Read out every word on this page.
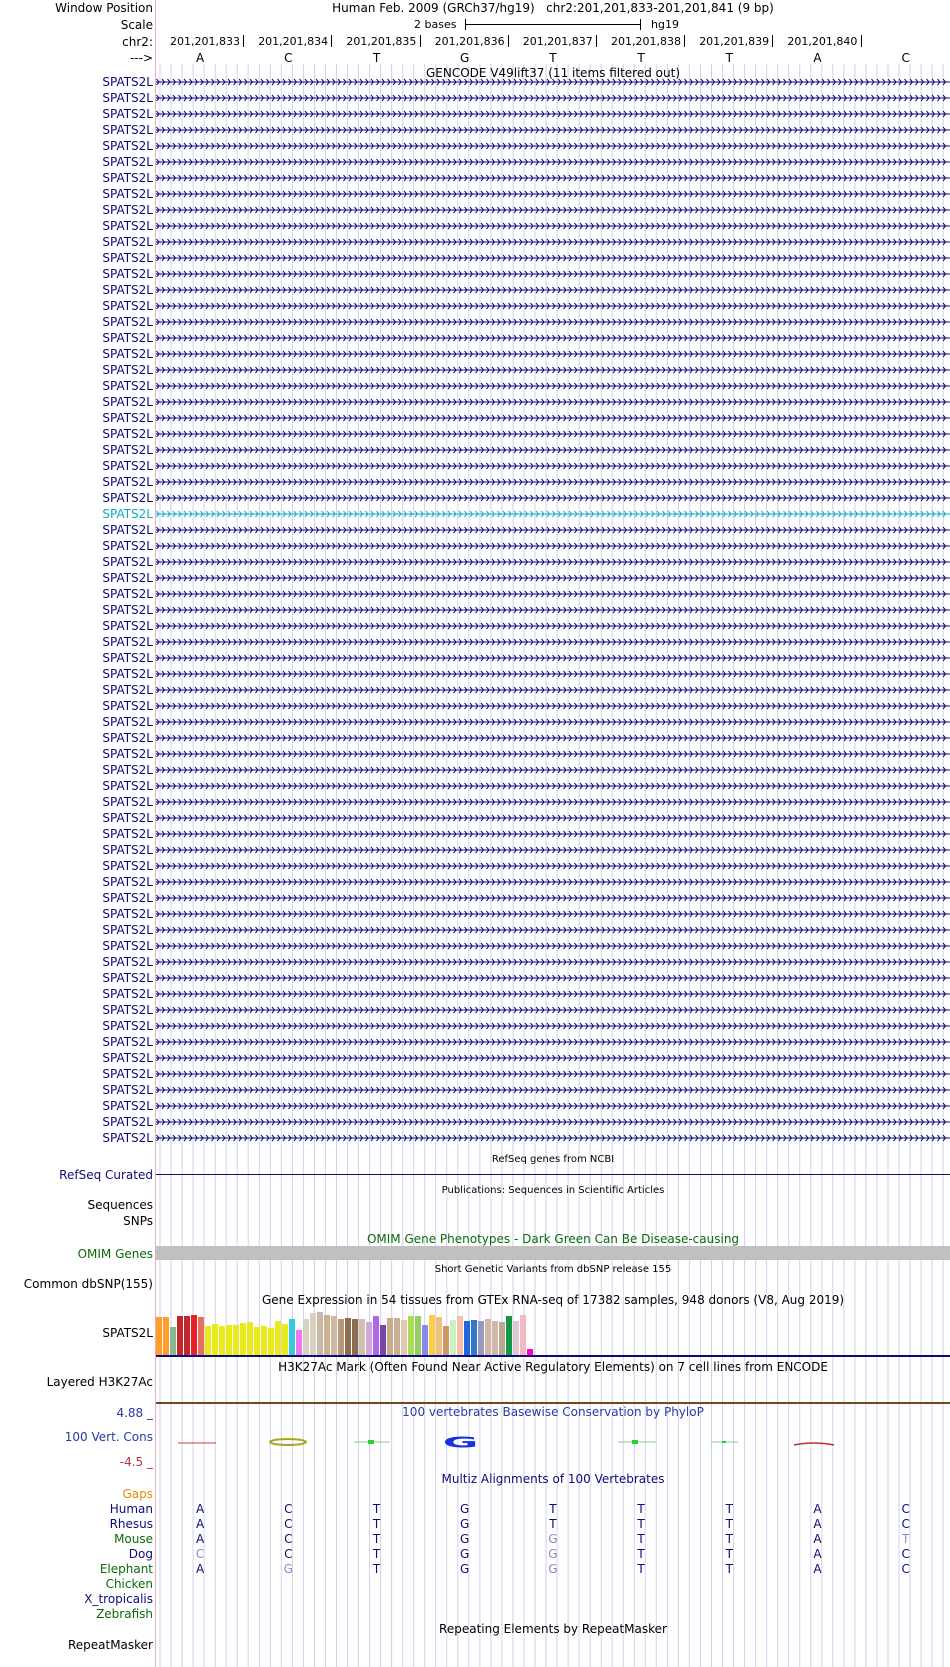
Window Position	Human Feb. 2009 (GRCh37/hg19) chr2:201,201,833-201,201,841 (9 bp)
Scale	2 bases	hg19
chr2: 201,201,833 201,201,834 201,201,835 201,201,836 201,201,837 201,201,838 201,201,839 201,201,840
--->	A	C	T	G	T	T	T	A	C
GENCODE V49lift37 (11 items filtered out)
SPATS2L
SPATS2L
SPATS2L
SPATS2L
SPATS2L
SPATS2L
SPATS2L
SPATS2L
SPATS2L
SPATS2L
SPATS2L
SPATS2L
SPATS2L
SPATS2L
SPATS2L
SPATS2L
SPATS2L
SPATS2L
SPATS2L
SPATS2L
SPATS2L
SPATS2L
SPATS2L
SPATS2L
SPATS2L
SPATS2L
SPATS2L
SPATS2L
SPATS2L
SPATS2L
SPATS2L
SPATS2L
SPATS2L
SPATS2L
SPATS2L
SPATS2L
SPATS2L
SPATS2L
SPATS2L
SPATS2L
SPATS2L
SPATS2L
SPATS2L
SPATS2L
SPATS2L
SPATS2L
SPATS2L
SPATS2L
SPATS2L
SPATS2L
SPATS2L
SPATS2L
SPATS2L
SPATS2L
SPATS2L
SPATS2L
SPATS2L
SPATS2L
SPATS2L
SPATS2L
SPATS2L
SPATS2L
SPATS2L
SPATS2L
SPATS2L
SPATS2L
SPATS2L
RefSeq genes from NCBI
RefSeq Curated
Publications: Sequences in Scientific Articles
Sequences
SNPs
OMIM Gene Phenotypes - Dark Green Can Be Disease-causing
OMIM Genes
Short Genetic Variants from dbSNP release 155
Common dbSNP(155)
Gene Expression in 54 tissues from GTEx RNA-seq of 17382 samples, 948 donors (V8, Aug 2019)
SPATS2L
H3K27Ac Mark (Often Found Near Active Regulatory Elements) on 7 cell lines from ENCODE
Layered H3K27Ac
100 vertebrates Basewise Conservation by PhyloP
4.88 _
100 Vert. Cons
-4.5 _
G
Multiz Alignments of 100 Vertebrates
Gaps
Human	A	C	T	G	T	T	T	A	C
Rhesus	A	C	T	G	T	T	T	A	C
Mouse	A	C	T	G	G	T	T	A	T
Dog	C	C	T	G	G	T	T	A	C
Elephant	A	G	T	G	G	T	T	A	C
Chicken
X_tropicalis
Zebrafish
Repeating Elements by RepeatMasker
RepeatMasker
